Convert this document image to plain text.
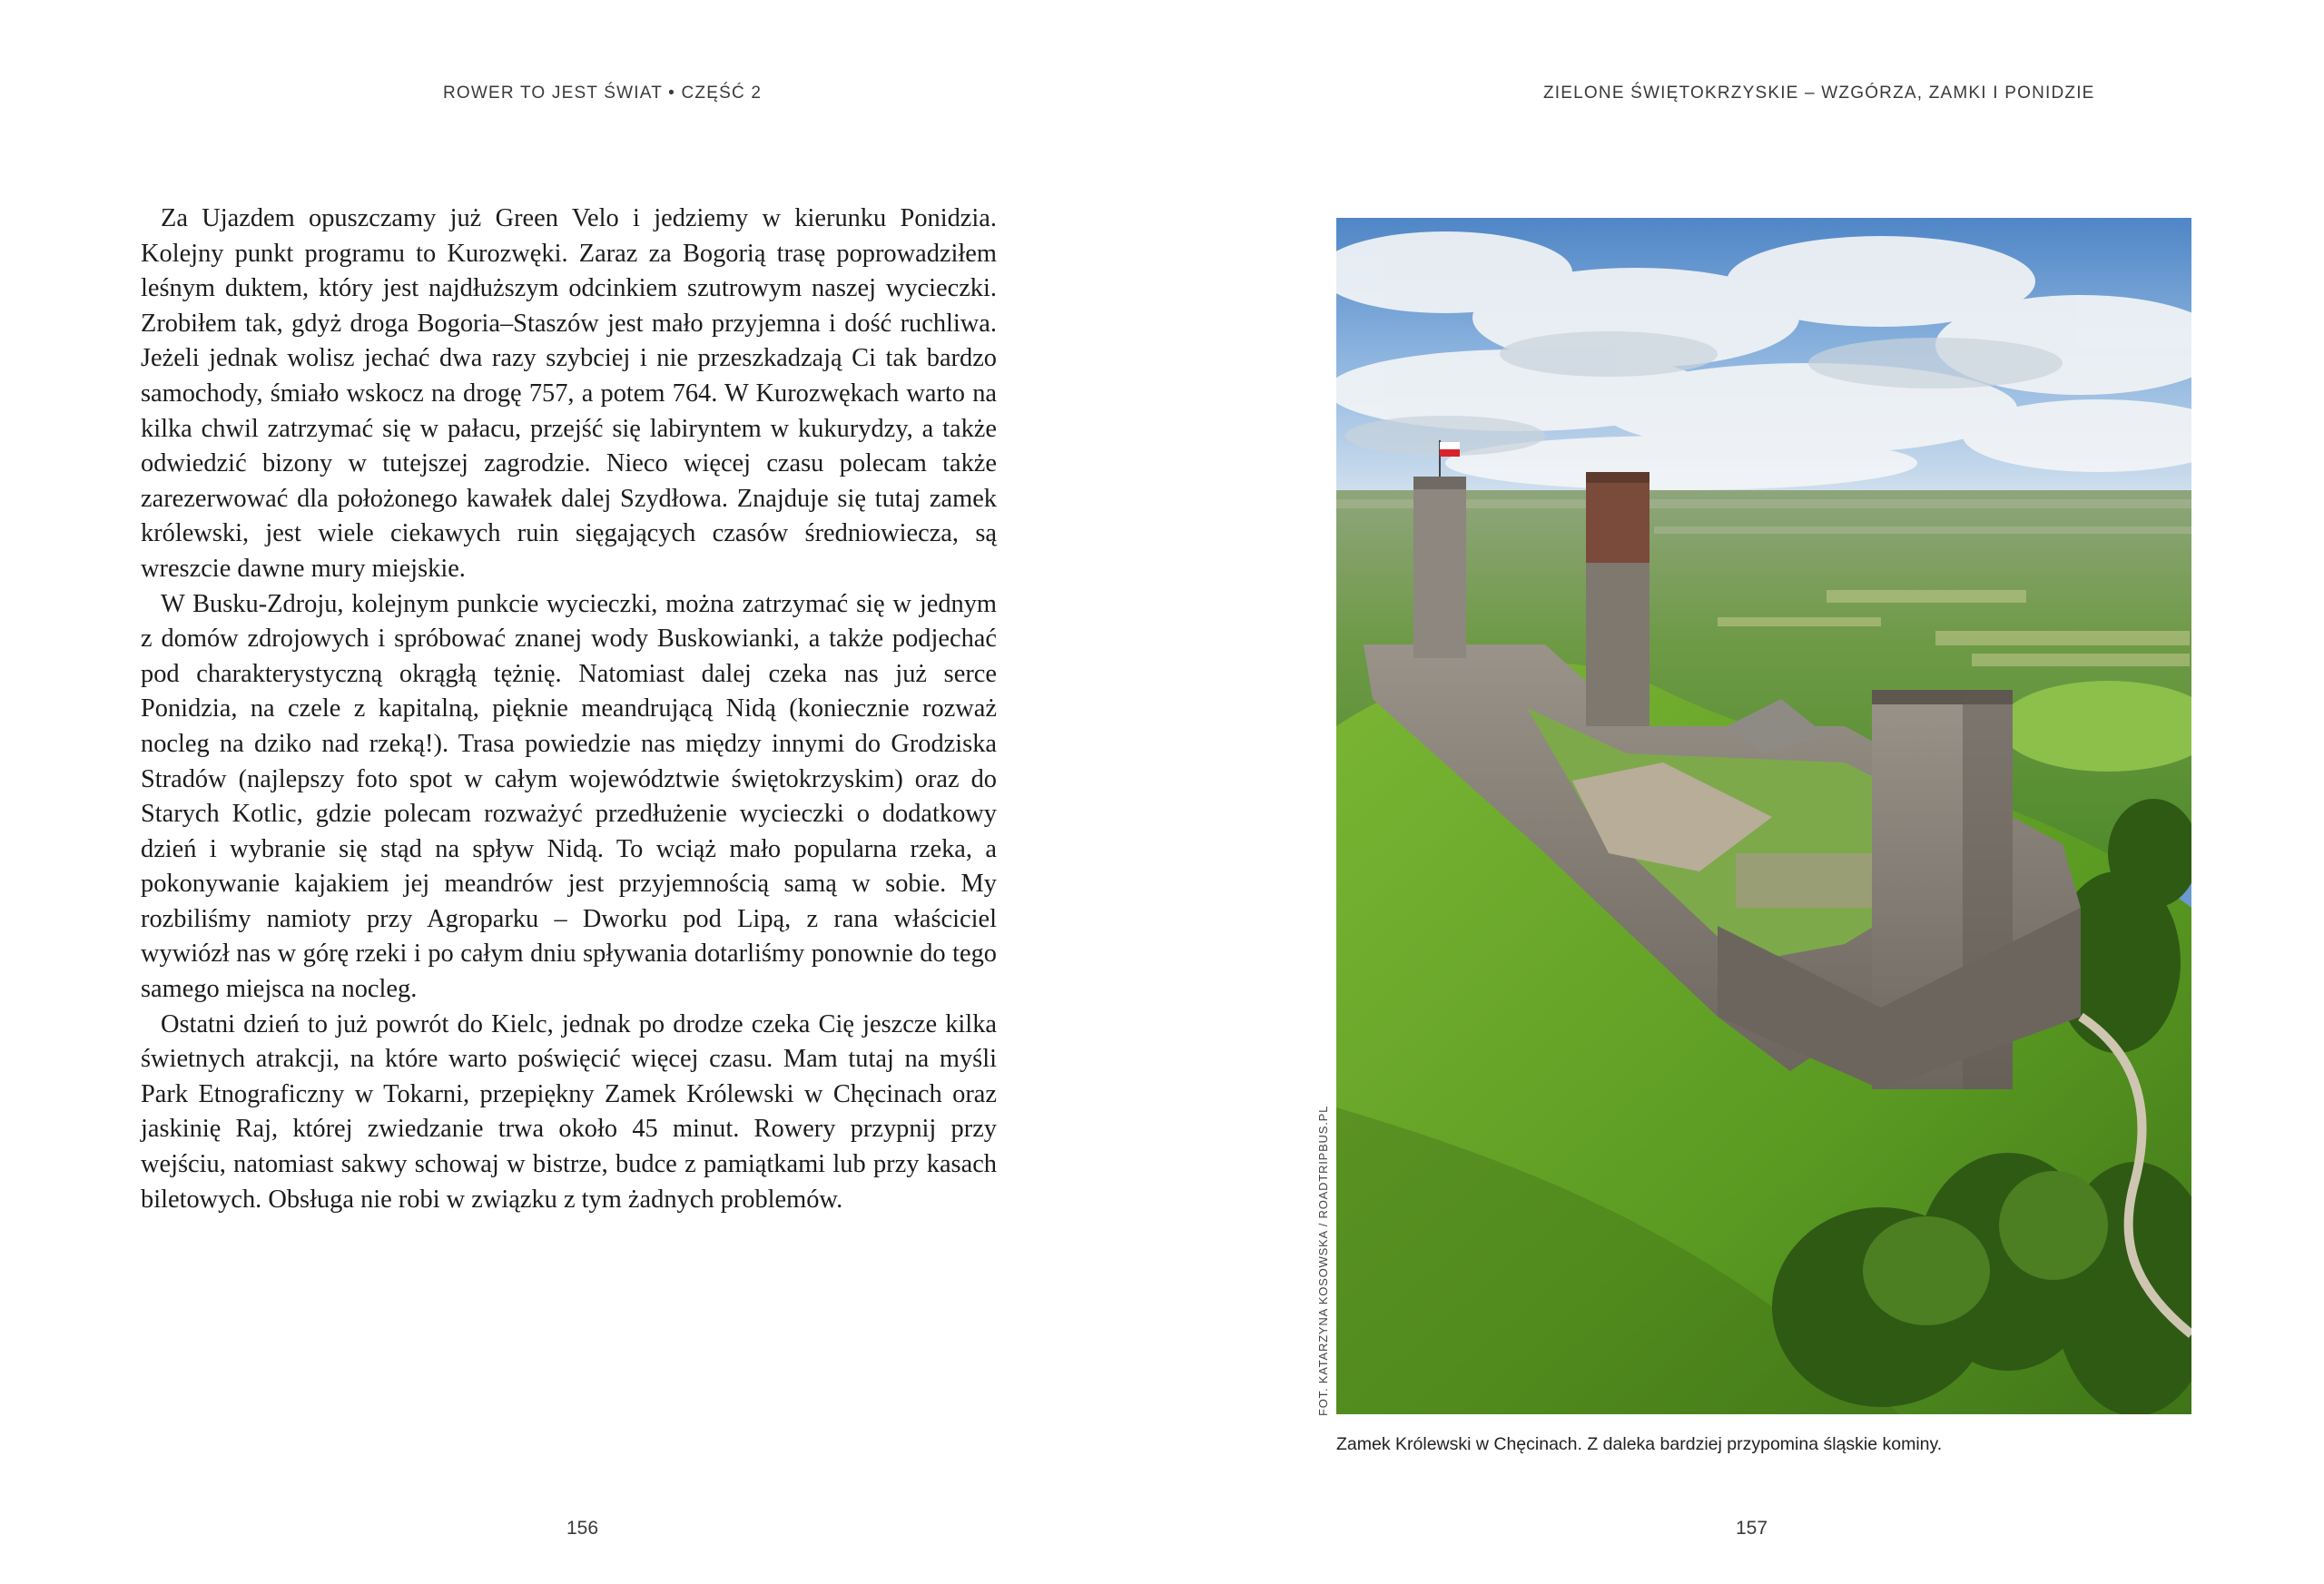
ROWER TO JEST ŚWIAT • CZĘŚĆ 2

Za Ujazdem opuszczamy już Green Velo i jedziemy w kierunku Ponidzia. Kolejny punkt programu to Kurozwęki. Zaraz za Bogorią trasę poprowadziłem leśnym duktem, który jest najdłuższym odcinkiem szutrowym naszej wycieczki. Zrobiłem tak, gdyż droga Bogoria–Staszów jest mało przyjemna i dość ruchliwa. Jeżeli jednak wolisz jechać dwa razy szybciej i nie przeszkadzają Ci tak bardzo samochody, śmiało wskocz na drogę 757, a potem 764. W Kurozwękach warto na kilka chwil zatrzymać się w pałacu, przejść się labiryntem w kukurydzy, a także odwiedzić bizony w tutejszej zagrodzie. Nieco więcej czasu polecam także zarezerwować dla położonego kawałek dalej Szydłowa. Znajduje się tutaj zamek królewski, jest wiele ciekawych ruin sięgających czasów średniowiecza, są wreszcie dawne mury miejskie.

W Busku-Zdroju, kolejnym punkcie wycieczki, można zatrzymać się w jednym z domów zdrojowych i spróbować znanej wody Buskowianki, a także podjechać pod charakterystyczną okrągłą tężnię. Natomiast dalej czeka nas już serce Ponidzia, na czele z kapitalną, pięknie meandrującą Nidą (koniecznie rozważ nocleg na dziko nad rzeką!). Trasa powiedzie nas między innymi do Grodziska Stradów (najlepszy foto spot w całym województwie świętokrzyskim) oraz do Starych Kotlic, gdzie polecam rozważyć przedłużenie wycieczki o dodatkowy dzień i wybranie się stąd na spływ Nidą. To wciąż mało popularna rzeka, a pokonywanie kajakiem jej meandrów jest przyjemnością samą w sobie. My rozbiliśmy namioty przy Agroparku – Dworku pod Lipą, z rana właściciel wywiózł nas w górę rzeki i po całym dniu spływania dotarliśmy ponownie do tego samego miejsca na nocleg.

Ostatni dzień to już powrót do Kielc, jednak po drodze czeka Cię jeszcze kilka świetnych atrakcji, na które warto poświęcić więcej czasu. Mam tutaj na myśli Park Etnograficzny w Tokarni, przepiękny Zamek Królewski w Chęcinach oraz jaskinię Raj, której zwiedzanie trwa około 45 minut. Rowery przypnij przy wejściu, natomiast sakwy schowaj w bistrze, budce z pamiątkami lub przy kasach biletowych. Obsługa nie robi w związku z tym żadnych problemów.

156
ZIELONE ŚWIĘTOKRZYSKIE – WZGÓRZA, ZAMKI I PONIDZIE
FOT. KATARZYNA KOSOWSKA / ROADTRIPBUS.PL
Zamek Królewski w Chęcinach. Z daleka bardziej przypomina śląskie kominy.
157
